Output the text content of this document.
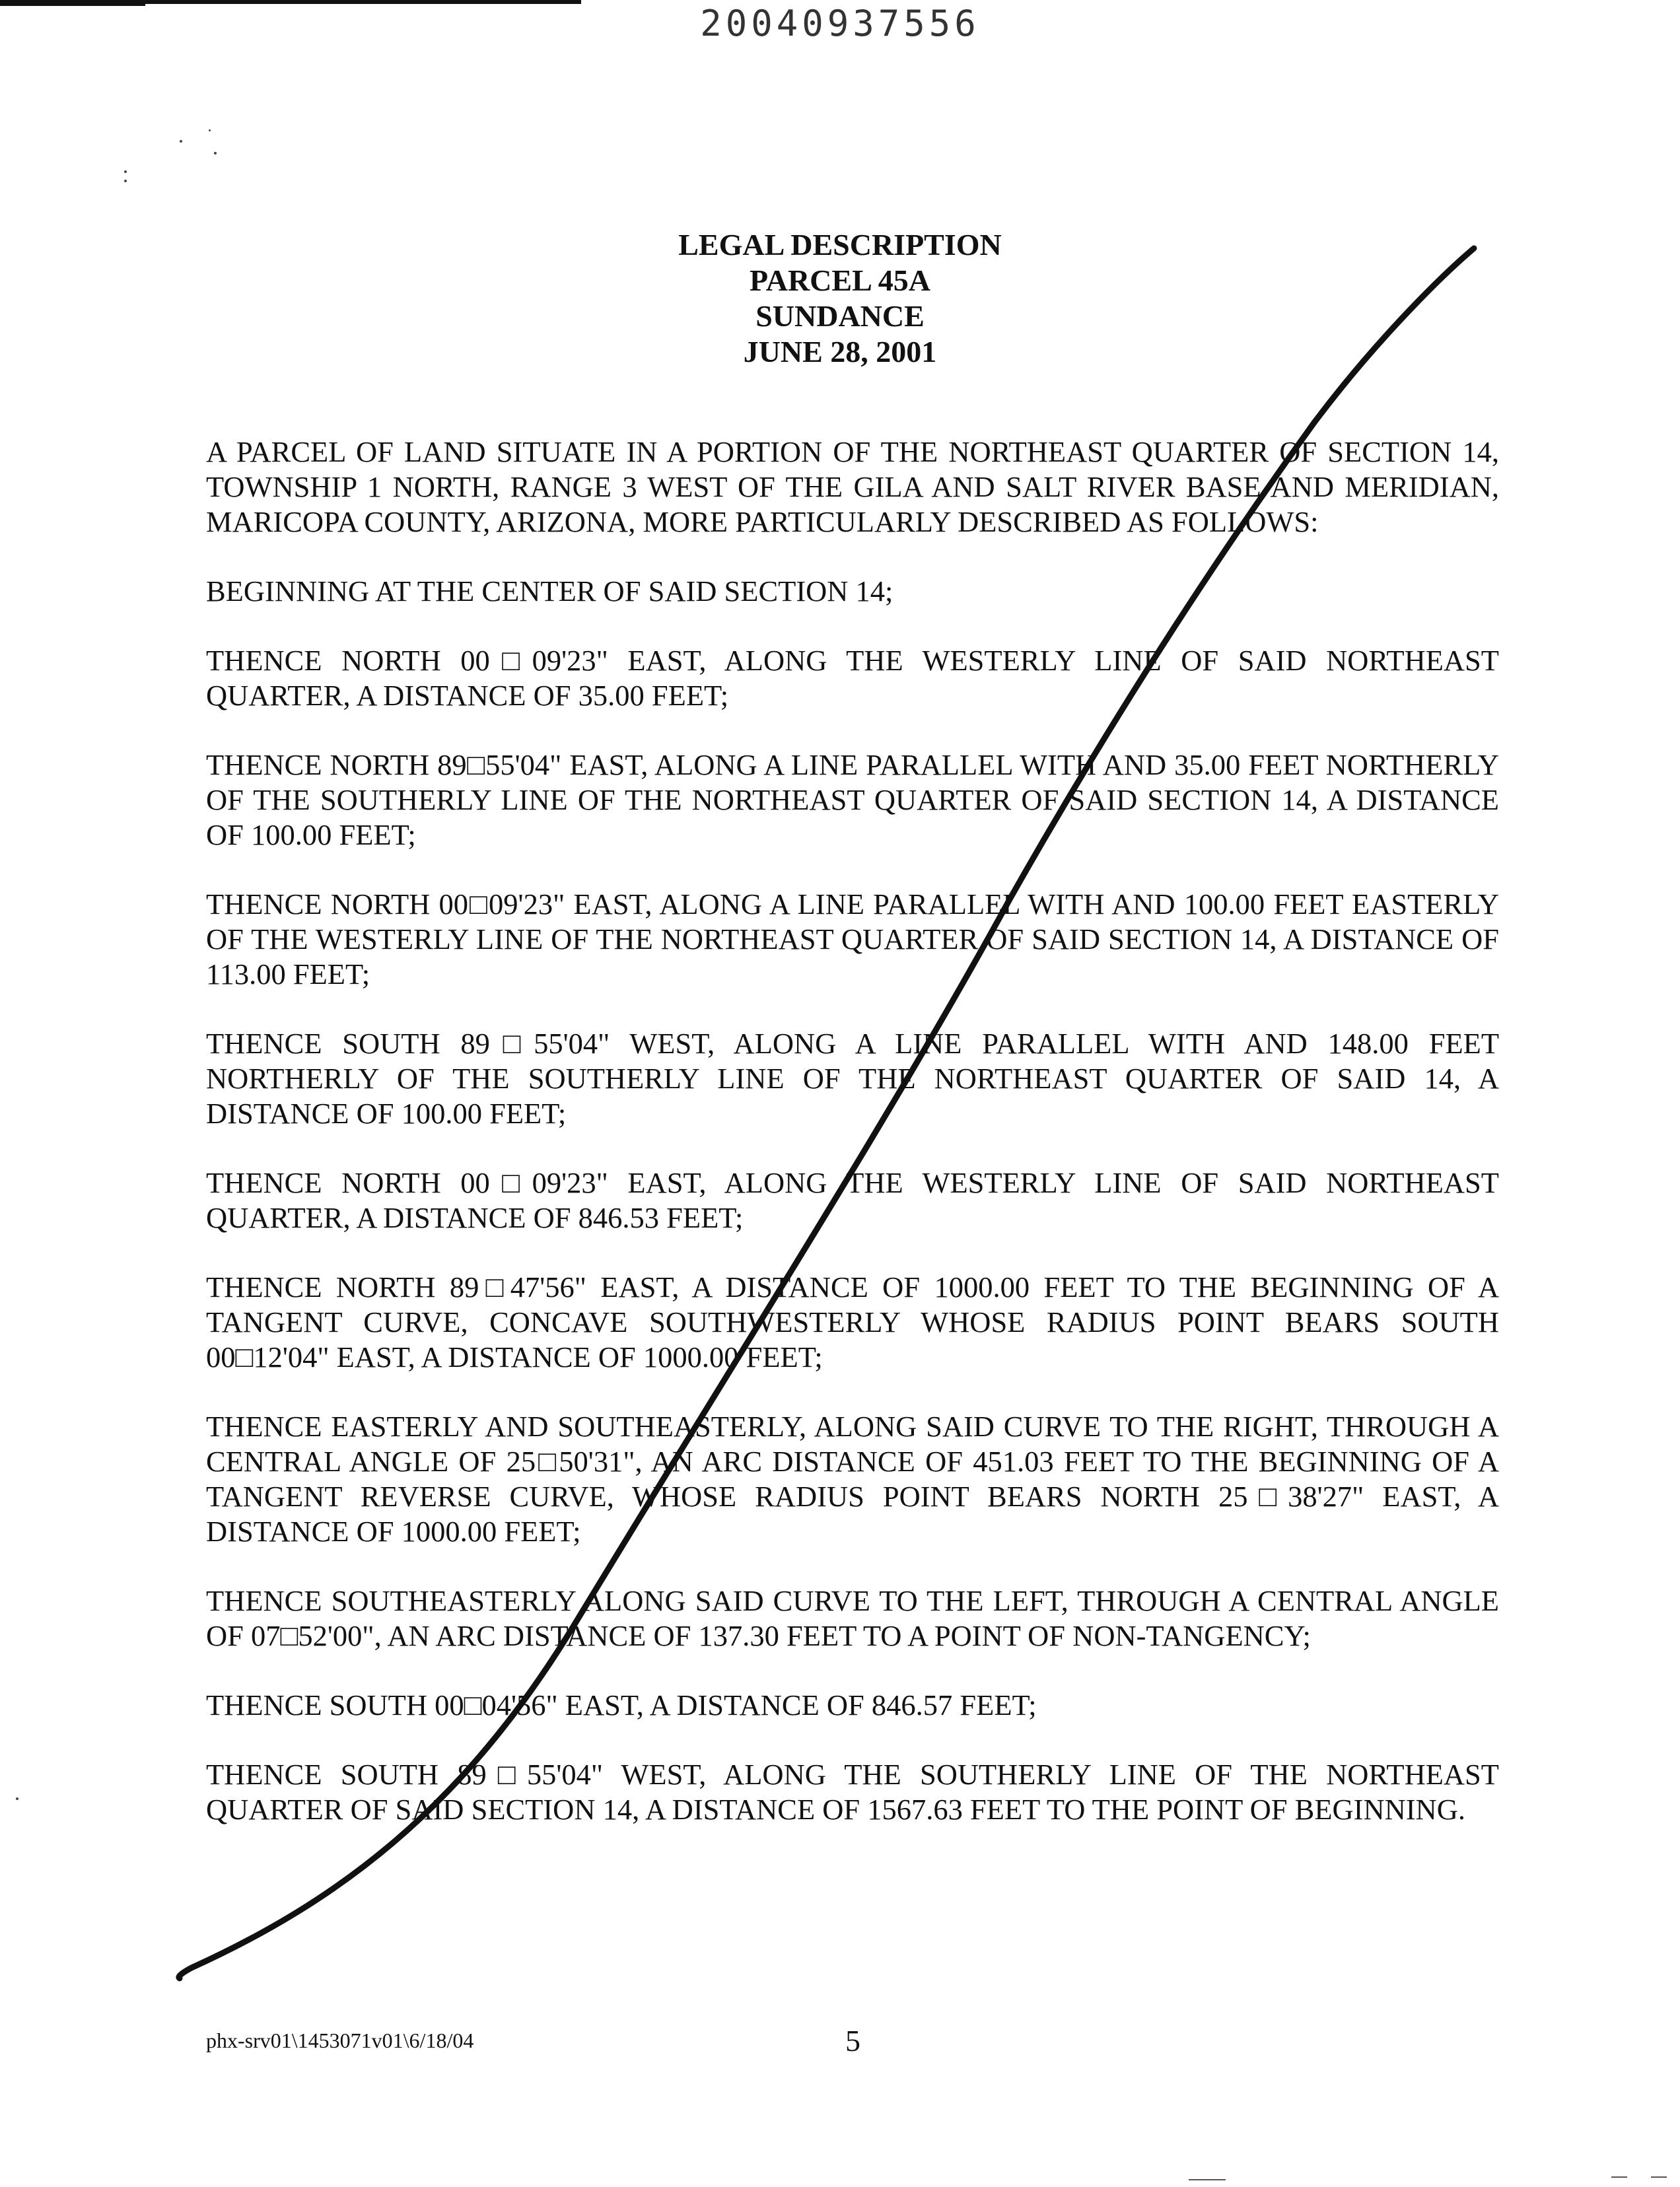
20040937556
LEGAL DESCRIPTION
PARCEL 45A
SUNDANCE
JUNE 28, 2001

A PARCEL OF LAND SITUATE IN A PORTION OF THE NORTHEAST QUARTER OF SECTION 14, TOWNSHIP 1 NORTH, RANGE 3 WEST OF THE GILA AND SALT RIVER BASE AND MERIDIAN, MARICOPA COUNTY, ARIZONA, MORE PARTICULARLY DESCRIBED AS FOLLOWS:

BEGINNING AT THE CENTER OF SAID SECTION 14;

THENCE NORTH 00□09'23" EAST, ALONG THE WESTERLY LINE OF SAID NORTHEAST QUARTER, A DISTANCE OF 35.00 FEET;

THENCE NORTH 89□55'04" EAST, ALONG A LINE PARALLEL WITH AND 35.00 FEET NORTHERLY OF THE SOUTHERLY LINE OF THE NORTHEAST QUARTER OF SAID SECTION 14, A DISTANCE OF 100.00 FEET;

THENCE NORTH 00□09'23" EAST, ALONG A LINE PARALLEL WITH AND 100.00 FEET EASTERLY OF THE WESTERLY LINE OF THE NORTHEAST QUARTER OF SAID SECTION 14, A DISTANCE OF 113.00 FEET;

THENCE SOUTH 89□55'04" WEST, ALONG A LINE PARALLEL WITH AND 148.00 FEET NORTHERLY OF THE SOUTHERLY LINE OF THE NORTHEAST QUARTER OF SAID 14, A DISTANCE OF 100.00 FEET;

THENCE NORTH 00□09'23" EAST, ALONG THE WESTERLY LINE OF SAID NORTHEAST QUARTER, A DISTANCE OF 846.53 FEET;

THENCE NORTH 89□47'56" EAST, A DISTANCE OF 1000.00 FEET TO THE BEGINNING OF A TANGENT CURVE, CONCAVE SOUTHWESTERLY WHOSE RADIUS POINT BEARS SOUTH 00□12'04" EAST, A DISTANCE OF 1000.00 FEET;

THENCE EASTERLY AND SOUTHEASTERLY, ALONG SAID CURVE TO THE RIGHT, THROUGH A CENTRAL ANGLE OF 25□50'31", AN ARC DISTANCE OF 451.03 FEET TO THE BEGINNING OF A TANGENT REVERSE CURVE, WHOSE RADIUS POINT BEARS NORTH 25□38'27" EAST, A DISTANCE OF 1000.00 FEET;

THENCE SOUTHEASTERLY ALONG SAID CURVE TO THE LEFT, THROUGH A CENTRAL ANGLE OF 07□52'00", AN ARC DISTANCE OF 137.30 FEET TO A POINT OF NON-TANGENCY;

THENCE SOUTH 00□04'56" EAST, A DISTANCE OF 846.57 FEET;

THENCE SOUTH 89□55'04" WEST, ALONG THE SOUTHERLY LINE OF THE NORTHEAST QUARTER OF SAID SECTION 14, A DISTANCE OF 1567.63 FEET TO THE POINT OF BEGINNING.

phx-srv01\1453071v01\6/18/04	5
